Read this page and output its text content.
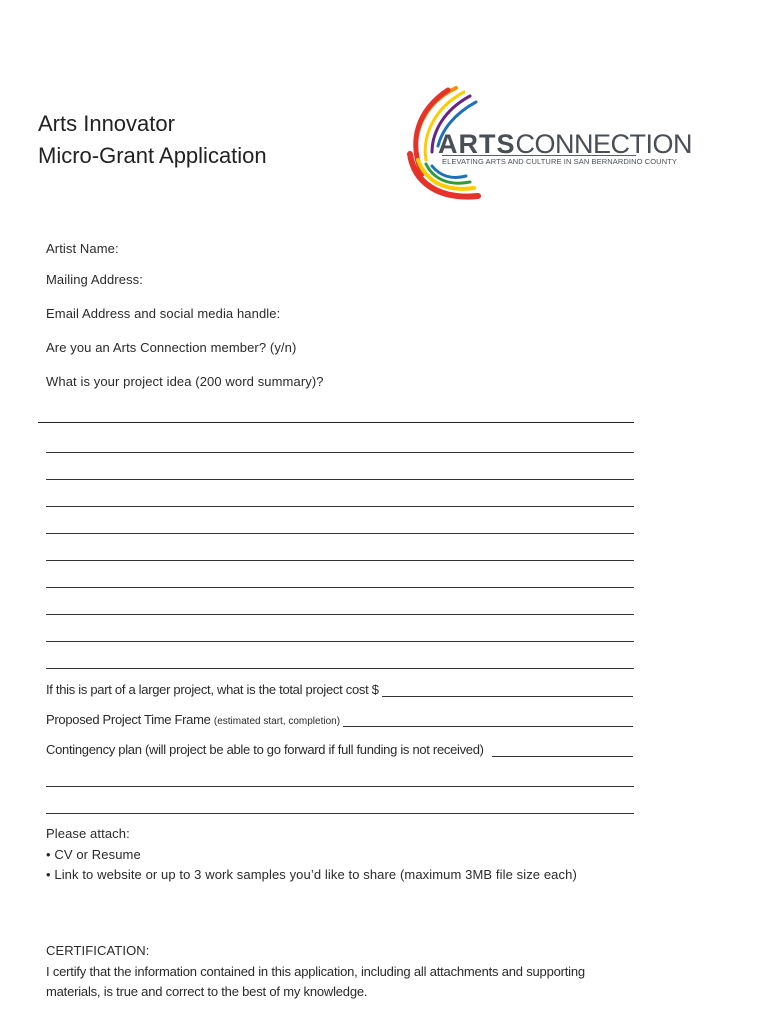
Arts Innovator
Micro-Grant Application	ARTSCONNECTION
ELEVATING ARTS AND CULTURE IN SAN BERNARDINO COUNTY
Artist Name:
Mailing Address:
Email Address and social media handle:
Are you an Arts Connection member? (y/n)
What is your project idea (200 word summary)?
If this is part of a larger project, what is the total project cost $
Proposed Project Time Frame
(estimated start, completion)
Contingency plan (will project be able to go forward if full funding is not received)
Please attach:
• CV or Resume
• Link to website or up to 3 work samples you’d like to share (maximum 3MB file size each)
CERTIFICATION:
I certify that the information contained in this application, including all attachments and supporting
materials, is true and correct to the best of my knowledge.
